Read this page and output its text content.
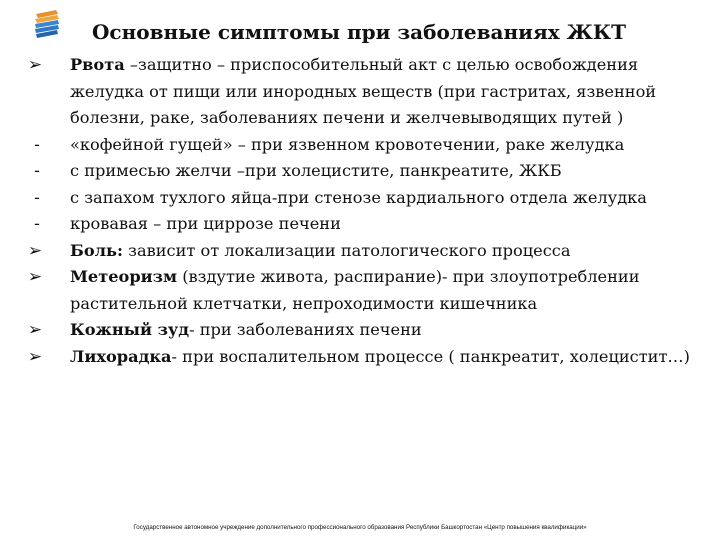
Основные симптомы при заболеваниях ЖКТ
➢	Рвота –защитно – приспособительный акт с целью освобождения желудка от пищи или инородных веществ (при гастритах, язвенной болезни, раке, заболеваниях печени и желчевыводящих путей )
-	«кофейной гущей» – при язвенном кровотечении, раке желудка
-	с примесью желчи –при холецистите, панкреатите, ЖКБ
-	с запахом тухлого яйца-при стенозе кардиального отдела желудка
-	кровавая – при циррозе печени
➢	Боль: зависит от локализации патологического процесса
➢	Метеоризм (вздутие живота, распирание)- при злоупотреблении растительной клетчатки, непроходимости кишечника
➢	Кожный зуд- при заболеваниях печени
➢	Лихорадка- при воспалительном процессе ( панкреатит, холецистит…)
Государственное автономное учреждение дополнительного профессионального образования Республики Башкортостан «Центр повышения квалификации»
